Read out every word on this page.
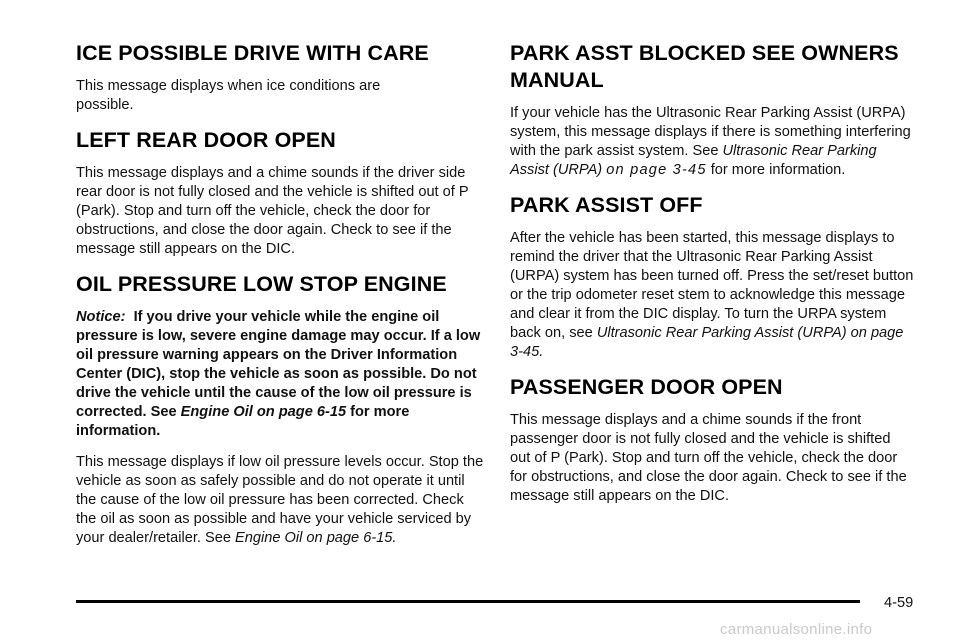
ICE POSSIBLE DRIVE WITH CARE

This message displays when ice conditions are possible.

LEFT REAR DOOR OPEN

This message displays and a chime sounds if the driver side rear door is not fully closed and the vehicle is shifted out of P (Park). Stop and turn off the vehicle, check the door for obstructions, and close the door again. Check to see if the message still appears on the DIC.

OIL PRESSURE LOW STOP ENGINE

Notice: If you drive your vehicle while the engine oil pressure is low, severe engine damage may occur. If a low oil pressure warning appears on the Driver Information Center (DIC), stop the vehicle as soon as possible. Do not drive the vehicle until the cause of the low oil pressure is corrected. See Engine Oil on page 6-15 for more information.

This message displays if low oil pressure levels occur. Stop the vehicle as soon as safely possible and do not operate it until the cause of the low oil pressure has been corrected. Check the oil as soon as possible and have your vehicle serviced by your dealer/retailer. See Engine Oil on page 6-15.

PARK ASST BLOCKED SEE OWNERS MANUAL

If your vehicle has the Ultrasonic Rear Parking Assist (URPA) system, this message displays if there is something interfering with the park assist system. See Ultrasonic Rear Parking Assist (URPA) on page 3-45 for more information.

PARK ASSIST OFF

After the vehicle has been started, this message displays to remind the driver that the Ultrasonic Rear Parking Assist (URPA) system has been turned off. Press the set/reset button or the trip odometer reset stem to acknowledge this message and clear it from the DIC display. To turn the URPA system back on, see Ultrasonic Rear Parking Assist (URPA) on page 3-45.

PASSENGER DOOR OPEN

This message displays and a chime sounds if the front passenger door is not fully closed and the vehicle is shifted out of P (Park). Stop and turn off the vehicle, check the door for obstructions, and close the door again. Check to see if the message still appears on the DIC.

4-59
carmanualsonline.info
